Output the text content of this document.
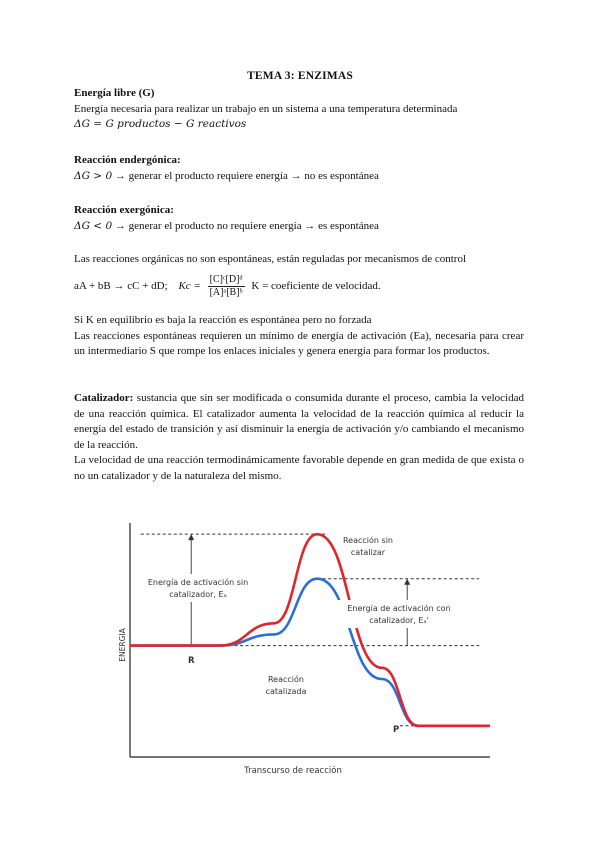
TEMA 3: ENZIMAS
Energía libre (G)
Energía necesaria para realizar un trabajo en un sistema a una temperatura determinada
ΔG = G productos − G reactivos
Reacción endergónica:
ΔG > 0 → generar el producto requiere energía → no es espontánea
Reacción exergónica:
ΔG < 0 → generar el producto no requiere energía → es espontánea
Las reacciones orgánicas no son espontáneas, están reguladas por mecanismos de control
aA + bB → cC + dD; $Kc = \frac{\text{[C]ᶜ[D]ᵈ}}{\text{[A]ᵃ[B]ᵇ}}$ K = coeficiente de velocidad.
Si K en equilibrio es baja la reacción es espontánea pero no forzada
Las reacciones espontáneas requieren un mínimo de energía de activación (Ea), necesaria para crear un intermediario S que rompe los enlaces iniciales y genera energía para formar los productos.
Catalizador: sustancia que sin ser modificada o consumida durante el proceso, cambia la velocidad de una reacción química. El catalizador aumenta la velocidad de la reacción química al reducir la energía del estado de transición y así disminuir la energía de activación y/o cambiando el mecanismo de la reacción.
La velocidad de una reacción termodinámicamente favorable depende en gran medida de que exista o no un catalizador y de la naturaleza del mismo.
Energía de activación sin
catalizador, Eₐ
Energía de activación con
catalizador, Eₐ'
Reacción sin
catalizar
Reacción
catalizada
R
P
ENERGÍA
Transcurso de reacción
